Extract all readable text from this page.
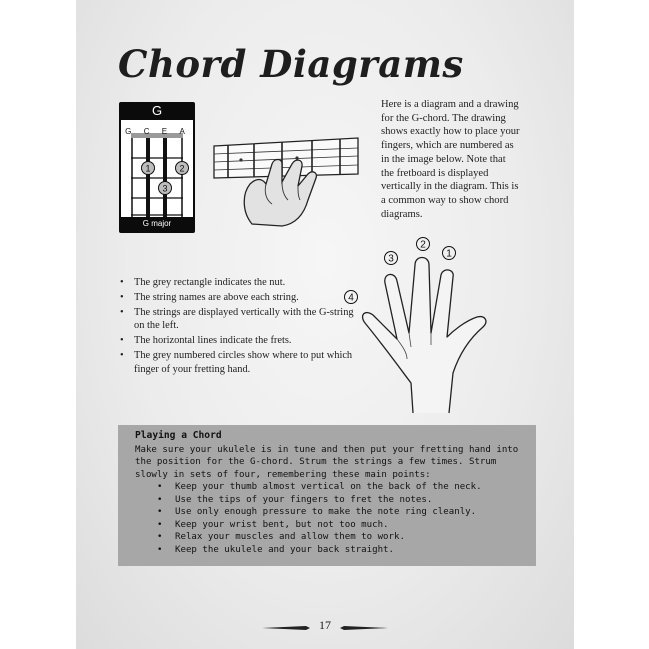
Chord Diagrams
G
1	2
3
G C E A
G major

Here is a diagram and a drawing for the G-chord. The drawing shows exactly how to place your fingers, which are numbered as in the image below. Note that the fretboard is displayed vertically in the diagram. This is a common way to show chord diagrams.

1
2
3
4
• The grey rectangle indicates the nut.
• The string names are above each string.
• The strings are displayed vertically with the G-string on the left.
• The horizontal lines indicate the frets.
• The grey numbered circles show where to put which finger of your fretting hand.
Playing a Chord

Make sure your ukulele is in tune and then put your fretting hand into the position for the G-chord. Strum the strings a few times. Strum slowly in sets of four, remembering these main points:

• Keep your thumb almost vertical on the back of the neck.
• Use the tips of your fingers to fret the notes.
• Use only enough pressure to make the note ring cleanly.
• Keep your wrist bent, but not too much.
• Relax your muscles and allow them to work.
• Keep the ukulele and your back straight.
17
